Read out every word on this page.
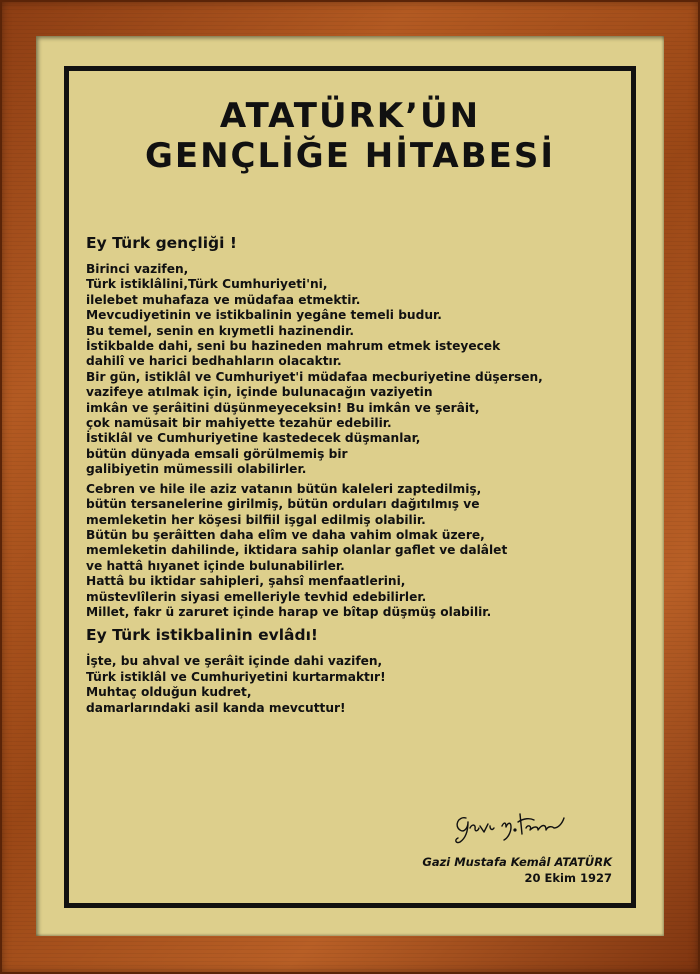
ATATÜRK’ÜN
GENÇLİĞE HİTABESİ
Ey Türk gençliği !
Birinci vazifen,
Türk istiklâlini,Türk Cumhuriyeti'ni,
ilelebet muhafaza ve müdafaa etmektir.
Mevcudiyetinin ve istikbalinin yegâne temeli budur.
Bu temel, senin en kıymetli hazinendir.
İstikbalde dahi, seni bu hazineden mahrum etmek isteyecek
dahilî ve harici bedhahların olacaktır.
Bir gün, istiklâl ve Cumhuriyet'i müdafaa mecburiyetine düşersen,
vazifeye atılmak için, içinde bulunacağın vaziyetin
imkân ve şerâitini düşünmeyeceksin! Bu imkân ve şerâit,
çok namüsait bir mahiyette tezahür edebilir.
İstiklâl ve Cumhuriyetine kastedecek düşmanlar,
bütün dünyada emsali görülmemiş bir
galibiyetin mümessili olabilirler.
Cebren ve hile ile aziz vatanın bütün kaleleri zaptedilmiş,
bütün tersanelerine girilmiş, bütün orduları dağıtılmış ve
memleketin her köşesi bilfiil işgal edilmiş olabilir.
Bütün bu şerâitten daha elîm ve daha vahim olmak üzere,
memleketin dahilinde, iktidara sahip olanlar gaflet ve dalâlet
ve hattâ hıyanet içinde bulunabilirler.
Hattâ bu iktidar sahipleri, şahsî menfaatlerini,
müstevlîlerin siyasi emelleriyle tevhid edebilirler.
Millet, fakr ü zaruret içinde harap ve bîtap düşmüş olabilir.
Ey Türk istikbalinin evlâdı!
İşte, bu ahval ve şerâit içinde dahi vazifen,
Türk istiklâl ve Cumhuriyetini kurtarmaktır!
Muhtaç olduğun kudret,
damarlarındaki asil kanda mevcuttur!
Gazi Mustafa Kemâl ATATÜRK
20 Ekim 1927
